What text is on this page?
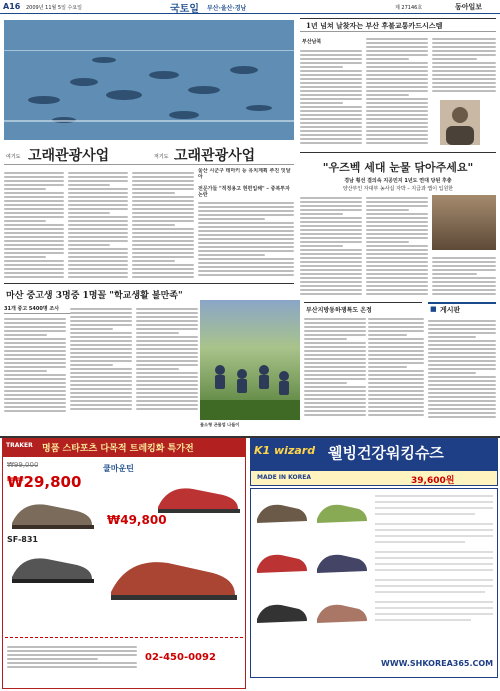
A16 2009년 11월 5일 수요일	국토일 부산·울산·경남	제 27146호	동아일보
여기도 고래관광사업	저기도 고래관광사업
울산 시군구 테마키 등 유치계획 추진 잇달아
전문가들 "적정용고 현편입해" – 중복투자 논란
1년 넘쳐 날찾자는 부산 후불교통카드시스템
부산남북
"우즈벡 세대 눈물 닦아주세요"
경남 횡선 결의속 지공민지 1년도 연대 당된 후충
양산부인 자대부 농사십 자박 – 지급과 앱이 입원한
마산 중고생 3명중 1명꼴 "학교생활 불만족"
31개 중고 5400명 조사
물소형 곤물업 나들이
부산지방동하쟁특도 온정	■ 게시판
TRAKER 명품 스타포츠 다목적 트레킹화 특가전
₩99,000
₩29,800
쿨마운틴
₩49,800
SF-831
02-450-0092
K1 wizard 웰빙건강워킹슈즈
39,600원
MADE IN KOREA
WWW.SHKOREA365.COM
